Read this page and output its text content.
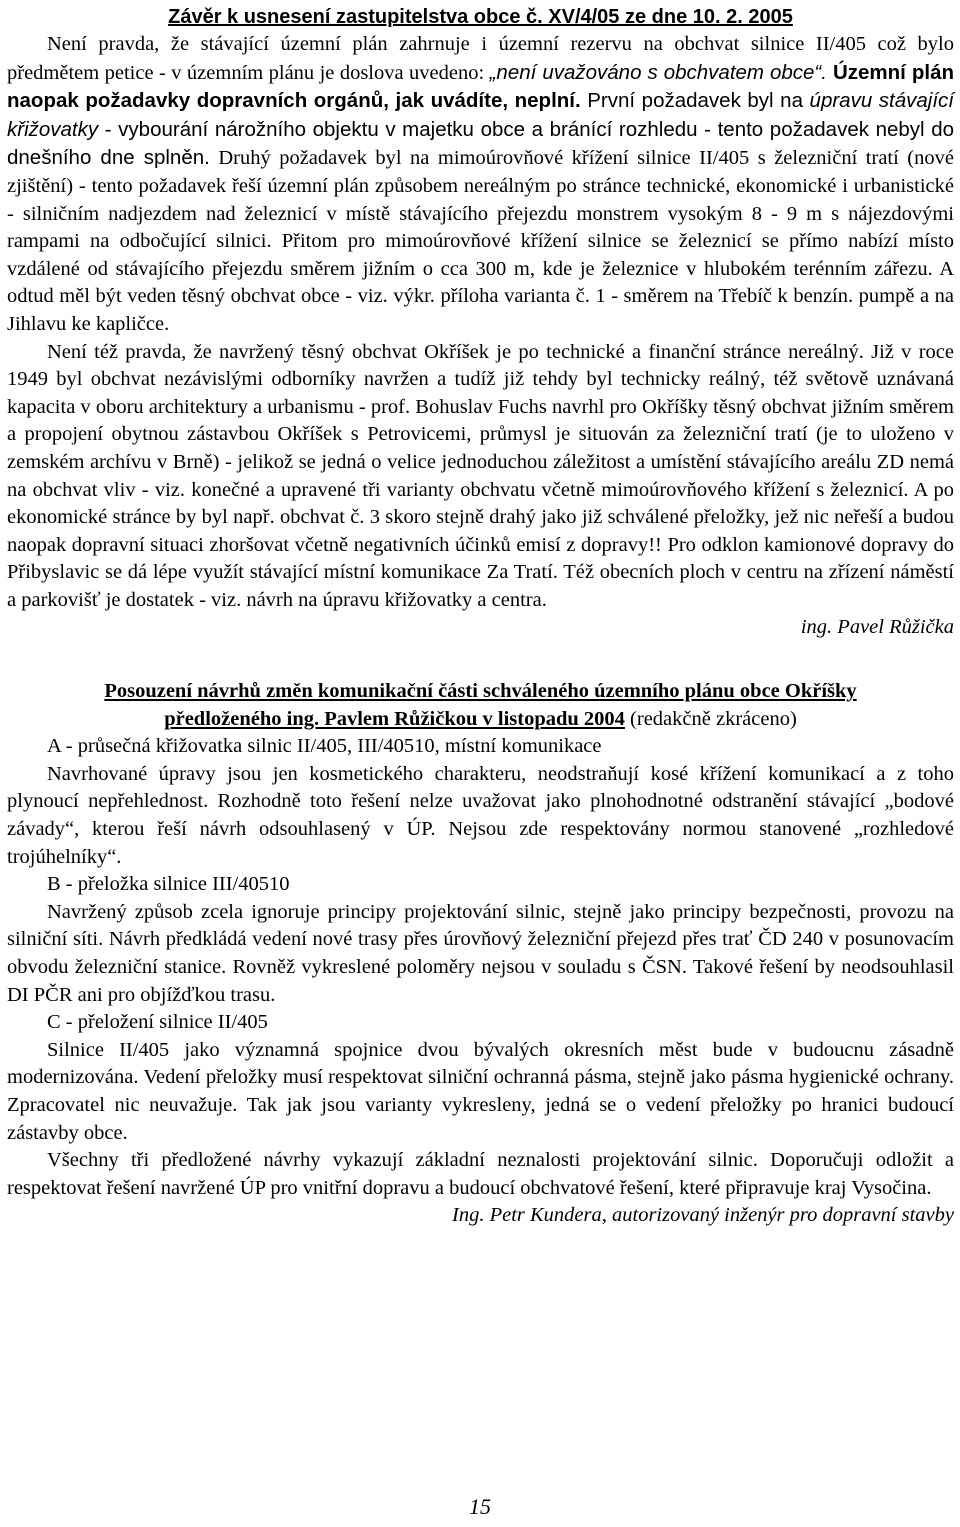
Závěr k usnesení zastupitelstva obce č. XV/4/05 ze dne 10. 2. 2005

Není pravda, že stávající územní plán zahrnuje i územní rezervu na obchvat silnice II/405 což bylo předmětem petice - v územním plánu je doslova uvedeno: „není uvažováno s obchvatem obce“. Územní plán naopak požadavky dopravních orgánů, jak uvádíte, neplní. První požadavek byl na úpravu stávající křižovatky - vybourání nárožního objektu v majetku obce a bránící rozhledu - tento požadavek nebyl do dnešního dne splněn. Druhý požadavek byl na mimoúrovňové křížení silnice II/405 s železniční tratí (nové zjištění) - tento požadavek řeší územní plán způsobem nereálným po stránce technické, ekonomické i urbanistické - silničním nadjezdem nad železnicí v místě stávajícího přejezdu monstrem vysokým 8 - 9 m s nájezdovými rampami na odbočující silnici. Přitom pro mimoúrovňové křížení silnice se železnicí se přímo nabízí místo vzdálené od stávajícího přejezdu směrem jižním o cca 300 m, kde je železnice v hlubokém terénním zářezu. A odtud měl být veden těsný obchvat obce - viz. výkr. příloha varianta č. 1 - směrem na Třebíč k benzín. pumpě a na Jihlavu ke kapličce.

Není též pravda, že navržený těsný obchvat Okříšek je po technické a finanční stránce nereálný. Již v roce 1949 byl obchvat nezávislými odborníky navržen a tudíž již tehdy byl technicky reálný, též světově uznávaná kapacita v oboru architektury a urbanismu - prof. Bohuslav Fuchs navrhl pro Okříšky těsný obchvat jižním směrem a propojení obytnou zástavbou Okříšek s Petrovicemi, průmysl je situován za železniční tratí (je to uloženo v zemském archívu v Brně) - jelikož se jedná o velice jednoduchou záležitost a umístění stávajícího areálu ZD nemá na obchvat vliv - viz. konečné a upravené tři varianty obchvatu včetně mimoúrovňového křížení s železnicí. A po ekonomické stránce by byl např. obchvat č. 3 skoro stejně drahý jako již schválené přeložky, jež nic neřeší a budou naopak dopravní situaci zhoršovat včetně negativních účinků emisí z dopravy!! Pro odklon kamionové dopravy do Přibyslavic se dá lépe využít stávající místní komunikace Za Tratí. Též obecních ploch v centru na zřízení náměstí a parkovišť je dostatek - viz. návrh na úpravu křižovatky a centra.

ing. Pavel Růžička

Posouzení návrhů změn komunikační části schváleného územního plánu obce Okříšky
předloženého ing. Pavlem Růžičkou v listopadu 2004 (redakčně zkráceno)

A - průsečná křižovatka silnic II/405, III/40510, místní komunikace

Navrhované úpravy jsou jen kosmetického charakteru, neodstraňují kosé křížení komunikací a z toho plynoucí nepřehlednost. Rozhodně toto řešení nelze uvažovat jako plnohodnotné odstranění stávající „bodové závady“, kterou řeší návrh odsouhlasený v ÚP. Nejsou zde respektovány normou stanovené „rozhledové trojúhelníky“.

B - přeložka silnice III/40510

Navržený způsob zcela ignoruje principy projektování silnic, stejně jako principy bezpečnosti, provozu na silniční síti. Návrh předkládá vedení nové trasy přes úrovňový železniční přejezd přes trať ČD 240 v posunovacím obvodu železniční stanice. Rovněž vykreslené poloměry nejsou v souladu s ČSN. Takové řešení by neodsouhlasil DI PČR ani pro objížďkou trasu.

C - přeložení silnice II/405

Silnice II/405 jako významná spojnice dvou bývalých okresních měst bude v budoucnu zásadně modernizována. Vedení přeložky musí respektovat silniční ochranná pásma, stejně jako pásma hygienické ochrany. Zpracovatel nic neuvažuje. Tak jak jsou varianty vykresleny, jedná se o vedení přeložky po hranici budoucí zástavby obce.

Všechny tři předložené návrhy vykazují základní neznalosti projektování silnic. Doporučuji odložit a respektovat řešení navržené ÚP pro vnitřní dopravu a budoucí obchvatové řešení, které připravuje kraj Vysočina.

Ing. Petr Kundera, autorizovaný inženýr pro dopravní stavby

15
